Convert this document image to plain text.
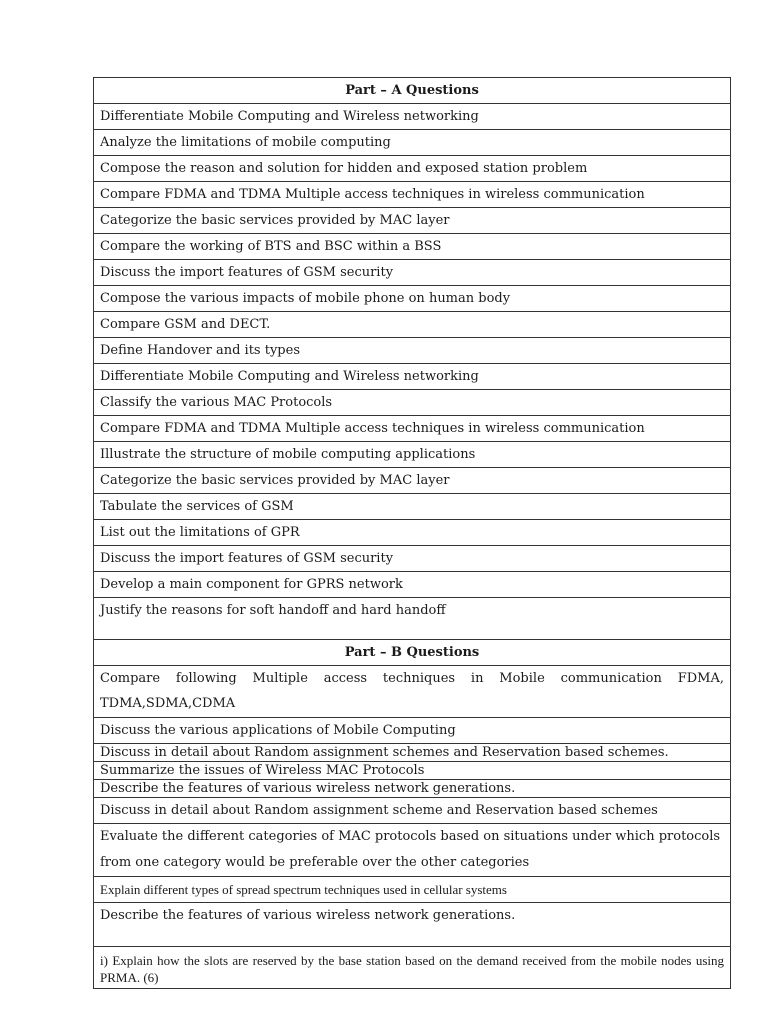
Part – A Questions
Differentiate Mobile Computing and Wireless networking
Analyze the limitations of mobile computing
Compose the reason and solution for hidden and exposed station problem
Compare FDMA and TDMA Multiple access techniques in wireless communication
Categorize the basic services provided by MAC layer
Compare the working of BTS and BSC within a BSS
Discuss the import features of GSM security
Compose the various impacts of mobile phone on human body
Compare GSM and DECT.
Define Handover and its types
Differentiate Mobile Computing and Wireless networking
Classify the various MAC Protocols
Compare FDMA and TDMA Multiple access techniques in wireless communication
Illustrate the structure of mobile computing applications
Categorize the basic services provided by MAC layer
Tabulate the services of GSM
List out the limitations of GPR
Discuss the import features of GSM security
Develop a main component for GPRS network
Justify the reasons for soft handoff and hard handoff
Part – B Questions

Compare following Multiple access techniques in Mobile communication FDMA,
TDMA,SDMA,CDMA
Discuss the various applications of Mobile Computing
Discuss in detail about Random assignment schemes and Reservation based schemes.
Summarize the issues of Wireless MAC Protocols
Describe the features of various wireless network generations.
Discuss in detail about Random assignment scheme and Reservation based schemes
Evaluate the different categories of MAC protocols based on situations under which protocols from one category would be preferable over the other categories
Explain different types of spread spectrum techniques used in cellular systems
Describe the features of various wireless network generations.
i) Explain how the slots are reserved by the base station based on the demand received from the mobile nodes using PRMA. (6)
